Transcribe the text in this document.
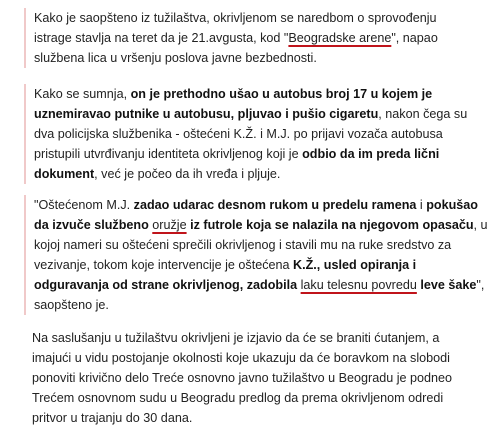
Kako je saopšteno iz tužilaštva, okrivljenom se naredbom o sprovođenju
istrage stavlja na teret da je 21.avgusta, kod "Beogradske arene", napao
službena lica u vršenju poslova javne bezbednosti.
Kako se sumnja, on je prethodno ušao u autobus broj 17 u kojem je
uznemiravao putnike u autobusu, pljuvao i pušio cigaretu, nakon čega su
dva policijska službenika - oštećeni K.Ž. i M.J. po prijavi vozača autobusa
pristupili utvrđivanju identiteta okrivljenog koji je odbio da im preda lični
dokument, već je počeo da ih vređa i pljuje.
"Oštećenom M.J. zadao udarac desnom rukom u predelu ramena i pokušao
da izvuče službeno oružje iz futrole koja se nalazila na njegovom opasaču, u
kojoj nameri su oštećeni sprečili okrivljenog i stavili mu na ruke sredstvo za
vezivanje, tokom koje intervencije je oštećena K.Ž., usled opiranja i
odguravanja od strane okrivljenog, zadobila laku telesnu povredu leve šake",
saopšteno je.
Na saslušanju u tužilaštvu okrivljeni je izjavio da će se braniti ćutanjem, a
imajući u vidu postojanje okolnosti koje ukazuju da će boravkom na slobodi
ponoviti krivično delo Treće osnovno javno tužilaštvo u Beogradu je podneo
Trećem osnovnom sudu u Beogradu predlog da prema okrivljenom odredi
pritvor u trajanju do 30 dana.
